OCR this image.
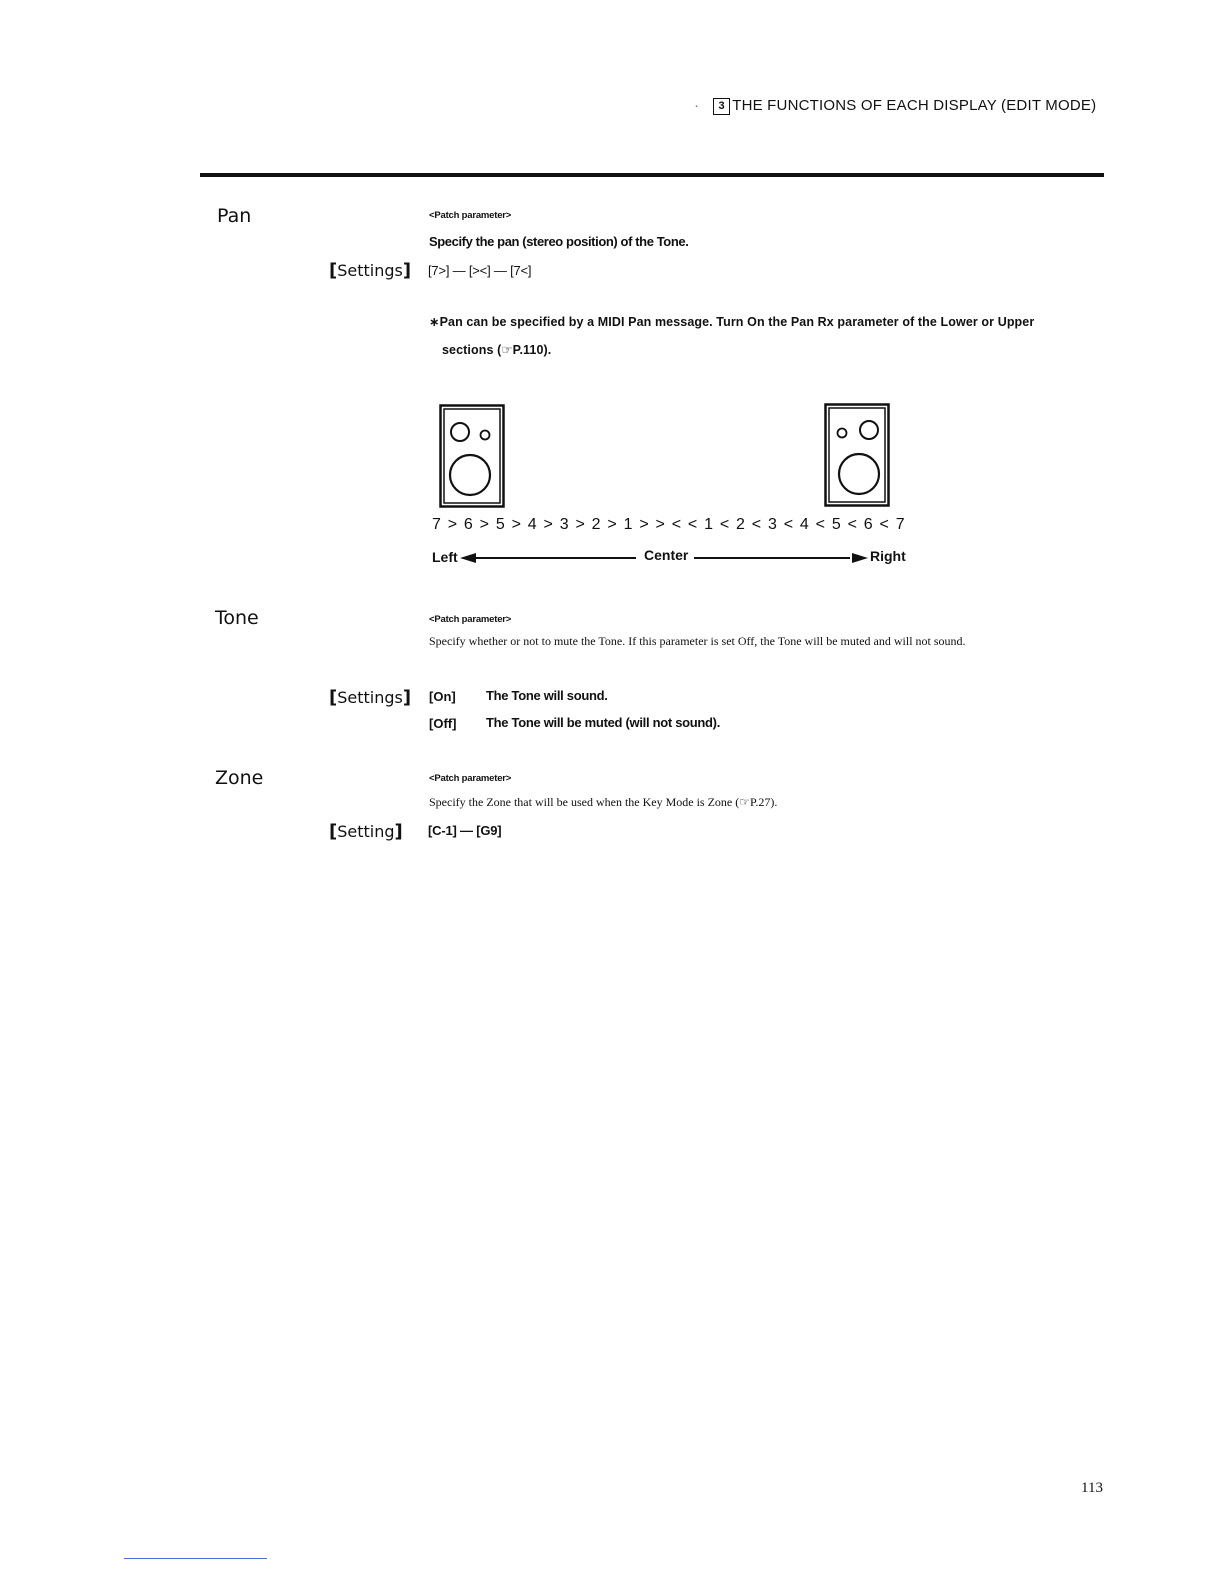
· 3 THE FUNCTIONS OF EACH DISPLAY (EDIT MODE)
Pan	<Patch parameter>
Specify the pan (stereo position) of the Tone.
[Settings] [7>] — [><] — [7<]
∗Pan can be specified by a MIDI Pan message. Turn On the Pan Rx parameter of the Lower or Upper
sections (☞P.110).
7 > 6 > 5 > 4 > 3 > 2 > 1 > > < < 1 < 2 < 3 < 4 < 5 < 6 < 7
Left	Center	Right
Tone	<Patch parameter>
Specify whether or not to mute the Tone. If this parameter is set Off, the Tone will be muted and will not sound.
[Settings] [On] The Tone will sound.
[Off] The Tone will be muted (will not sound).
Zone	<Patch parameter>
Specify the Zone that will be used when the Key Mode is Zone (☞P.27).
[Setting] [C-1] — [G9]
113
